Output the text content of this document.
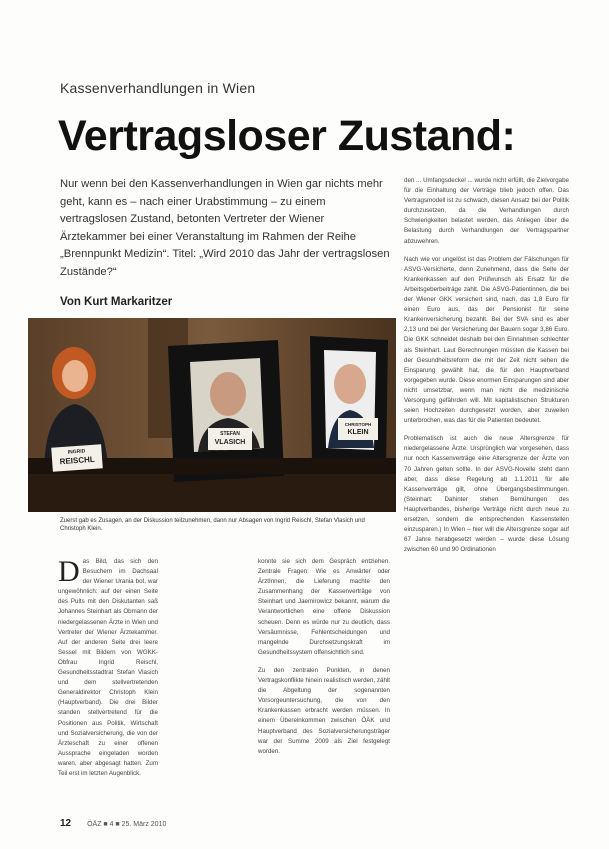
Kassenverhandlungen in Wien
Vertragsloser Zustand:
Nur wenn bei den Kassenverhandlungen in Wien gar nichts mehr geht, kann es – nach einer Urabstimmung – zu einem vertragslosen Zustand, betonten Vertreter der Wiener Ärztekammer bei einer Veranstaltung im Rahmen der Reihe „Brennpunkt Medizin“. Titel: „Wird 2010 das Jahr der vertragslosen Zustände?“
Von Kurt Markaritzer
INGRID
REISCHL
STEFAN
VLASICH
CHRISTOPH
KLEIN
Zuerst gab es Zusagen, an der Diskussion teilzunehmen, dann nur Absagen von Ingrid Reischl, Stefan Vlasich und Christoph Klein.

Das Bild, das sich den Besuchern im Dachsaal der Wiener Urania bot, war ungewöhnlich: auf der einen Seite des Pults mit den Diskutanten saß Johannes Steinhart als Obmann der niedergelassenen Ärzte in Wien und Vertreter der Wiener Ärztekammer. Auf der anderen Seite drei leere Sessel mit Bildern von WGKK-Obfrau Ingrid Reischl, Gesundheitsstadtrat Stefan Vlasich und dem stellvertretenden Generaldirektor Christoph Klein (Hauptverband). Die drei Bilder standen stellvertretend für die Positionen aus Politik, Wirtschaft und Sozialversicherung, die von der Ärzteschaft zu einer offenen Aussprache eingeladen worden waren, aber abgesagt hatten. Zum Teil erst im letzten Augenblick.

konnte sie sich dem Gespräch entziehen. Zentrale Fragen: Wie es Anwärter oder ÄrztInnen, die Lieferung machte den Zusammenhang der Kassenverträge von Steinhart und Jaemirowicz bekannt, warum die Verantwortlichen eine offene Diskussion scheuen. Denn es würde nur zu deutlich, dass Versäumnisse, Fehlentscheidungen und mangelnde Durchsetzungskraft im Gesundheitssystem offensichtlich sind.

Zu den zentralen Punkten, in denen Vertragskonflikte hinein realistisch werden, zählt die Abgeltung der sogenannten Vorsorgeuntersuchung, die von den Krankenkassen erbracht werden müssen. In einem Übereinkommen zwischen ÖÄK und Hauptverband des Sozialversicherungsträger war der Summe 2009 als Ziel festgelegt worden.

den ... Umfangsdeckel ... wurde nicht erfüllt, die Zielvorgabe für die Einhaltung der Verträge blieb jedoch offen. Das Vertragsmodell ist zu schwach, diesen Ansatz bei der Politik durchzusetzen, da die Verhandlungen durch Schwierigkeiten belastet werden, das Anliegen über die Belastung durch Verhandlungen der Vertragspartner abzuwehren.

Nach wie vor ungelöst ist das Problem der Fälschungen für ASVG-Versicherte, denn Zunehmend, dass die Seite der Krankenkassen auf den Prüfwunsch als Ersatz für die Arbeitsgeberbeiträge zahlt. Die ASVG-Patientinnen, die bei der Wiener GKK versichert sind, nach, das 1,8 Euro für einen Euro aus, das der Pensionist für seine Krankenversicherung bezahlt. Bei der SVA sind es aber 2,13 und bei der Versicherung der Bauern sogar 3,86 Euro. Die GKK schneidet deshalb bei den Einnahmen schlechter als Steinhart. Laut Berechnungen müssten die Kassen bei der Gesundheitsreform die mit der Zeit nicht sehen die Einsparung gewählt hat, die für den Hauptverband vorgegeben wurde. Diese enormen Einsparungen sind aber nicht umsetzbar, wenn man nicht die medizinische Versorgung gefährden will. Mit kapitalistischen Strukturen seien Hochzeiten durchgesetzt worden, aber zuweilen unterbrochen, was das für die Patienten bedeutet.

Problematisch ist auch die neue Altersgrenze für niedergelassene Ärzte. Ursprünglich war vorgesehen, dass nur noch Kassenverträge eine Altersgrenze der Ärzte von 70 Jahren gelten sollte. In der ASVG-Novelle steht dann aber, dass diese Regelung ab 1.1.2011 für alle Kassenverträge gilt, ohne Übergangsbestimmungen. (Steinhart: Dahinter stehen Bemühungen des Hauptverbandes, bisherige Verträge nicht durch neue zu ersetzen, sondern die entsprechenden Kassenstellen einzusparen.) In Wien – hier will die Altersgrenze sogar auf 67 Jahre herabgesetzt werden – wurde diese Lösung zwischen 60 und 90 Ordinationen

12 ÖÄZ ■ 4 ■ 25. März 2010
